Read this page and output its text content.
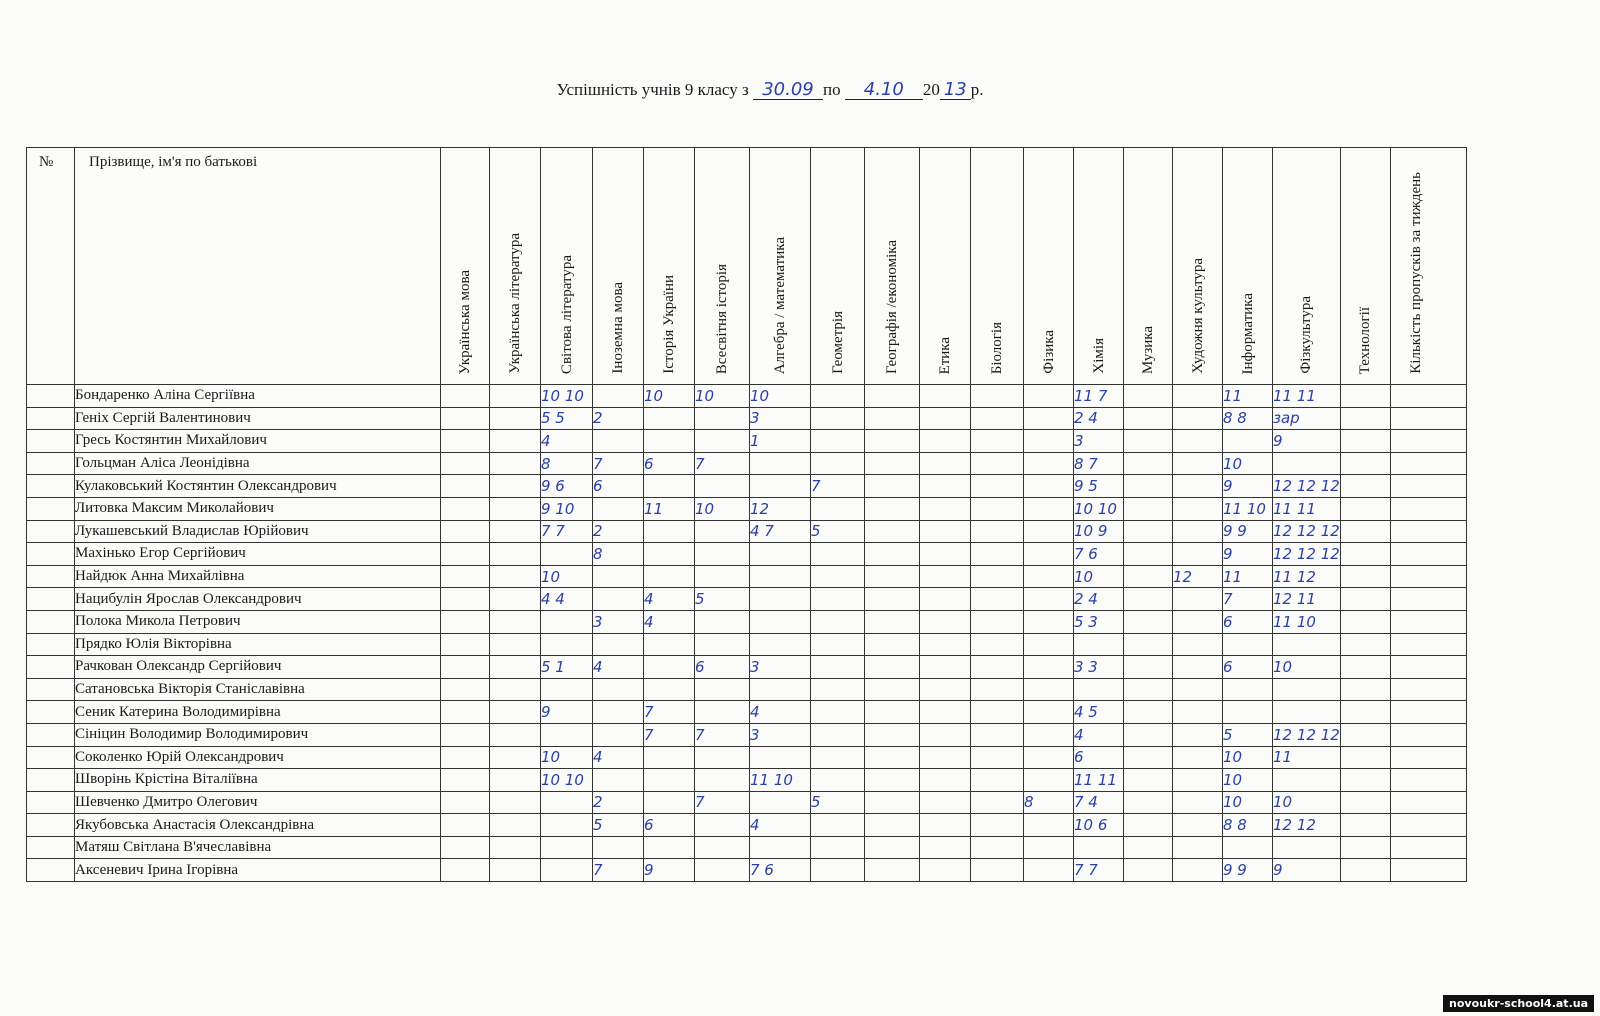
Успішність учнів 9 класу з 30.09 по 4.10 20 13 р.
№	Прізвище, ім'я по батькові	Українська мова	Українська література	Світова література	Іноземна мова	Історія України	Всесвітня історія	Алгебра / математика	Геометрія	Географія /економіка	Етика	Біологія	Фізика	Хімія	Музика	Художня культура	Інформатика	Фізкультура	Технології	Кількість пропусків за тиждень

	Бондаренко Аліна Сергіївна			10 10		10	10	10						11 7			11	11 11		
	Геніх Сергій Валентинович			5 5	2			3						2 4			8 8	зар		
	Гресь Костянтин Михайлович			4				1						3				9		
	Гольцман Аліса Леонідівна			8	7	6	7							8 7			10			
	Кулаковський Костянтин Олександрович			9 6	6				7					9 5			9	12 12 12		
	Литовка Максим Миколайович			9 10		11	10	12						10 10			11 10	11 11		
	Лукашевський Владислав Юрійович			7 7	2			4 7	5					10 9			9 9	12 12 12		
	Махінько Егор Сергійович				8									7 6			9	12 12 12		
	Найдюк Анна Михайлівна			10										10		12	11	11 12		
	Нацибулін Ярослав Олександрович			4 4		4	5							2 4			7	12 11		
	Полока Микола Петрович				3	4								5 3			6	11 10		
	Прядко Юлія Вікторівна																			
	Рачкован Олександр Сергійович			5 1	4		6	3						3 3			6	10		
	Сатановська Вікторія Станіславівна																			
	Сеник Катерина Володимирівна			9		7		4						4 5						
	Сініцин Володимир Володимирович					7	7	3						4			5	12 12 12		
	Соколенко Юрій Олександрович			10	4									6			10	11		
	Шворінь Крістіна Віталіївна			10 10				11 10						11 11			10			
	Шевченко Дмитро Олегович				2		7		5				8	7 4			10	10		
	Якубовська Анастасія Олександрівна				5	6		4						10 6			8 8	12 12		
	Матяш Світлана В'ячеславівна																			
	Аксеневич Ірина Ігорівна				7	9		7 6						7 7			9 9	9		
novoukr-school4.at.ua
